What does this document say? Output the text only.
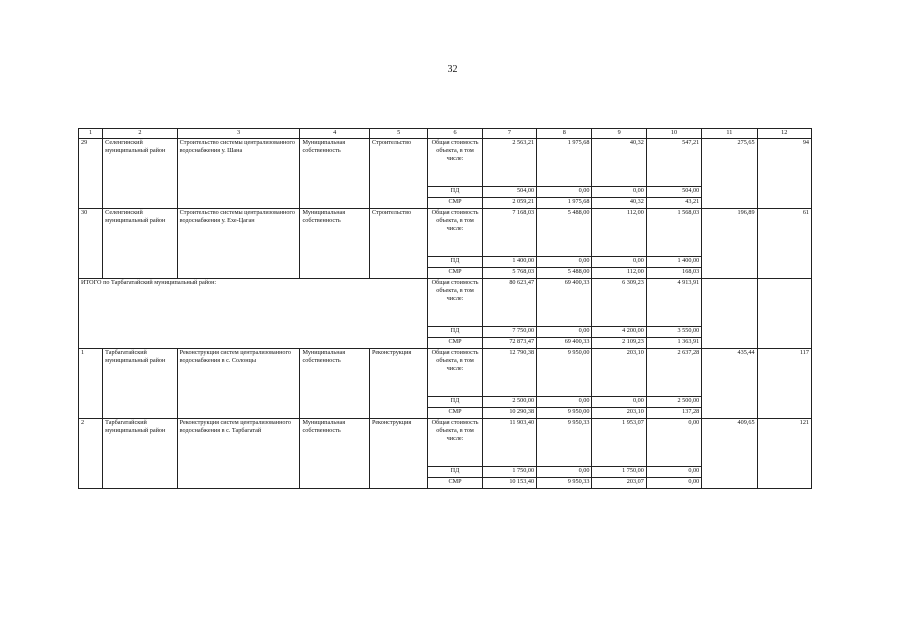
32
1	2	3	4	5	6	7	8	9	10	11	12
29	Селенгинский муниципальный район	Строительство системы централизованного водоснабжения у. Шана	Муниципальная собственность	Строительство	Общая стоимость объекта, в том числе:	2 563,21	1 975,68	40,32	547,21	275,65	94
					ПД	504,00	0,00	0,00	504,00		
					СМР	2 059,21	1 975,68	40,32	43,21		
30	Селенгинский муниципальный район	Строительство системы централизованного водоснабжения у. Ехе-Цаган	Муниципальная собственность	Строительство	Общая стоимость объекта, в том числе:	7 168,03	5 488,00	112,00	1 568,03	196,89	61
					ПД	1 400,00	0,00	0,00	1 400,00		
					СМР	5 768,03	5 488,00	112,00	168,03		
ИТОГО по Тарбагатайский муниципальный район:					Общая стоимость объекта, в том числе:	80 623,47	69 400,33	6 309,23	4 913,91		
					ПД	7 750,00	0,00	4 200,00	3 550,00		
					СМР	72 873,47	69 400,33	2 109,23	1 363,91		
1	Тарбагатайский муниципальный район	Реконструкция систем централизованного водоснабжения в с. Солонцы	Муниципальная собственность	Реконструкция	Общая стоимость объекта, в том числе:	12 790,38	9 950,00	203,10	2 637,28	435,44	117
					ПД	2 500,00	0,00	0,00	2 500,00		
					СМР	10 290,38	9 950,00	203,10	137,28		
2	Тарбагатайский муниципальный район	Реконструкция систем централизованного водоснабжения в с. Тарбагатай	Муниципальная собственность	Реконструкция	Общая стоимость объекта, в том числе:	11 903,40	9 950,33	1 953,07	0,00	409,65	121
					ПД	1 750,00	0,00	1 750,00	0,00		
					СМР	10 153,40	9 950,33	203,07	0,00		
